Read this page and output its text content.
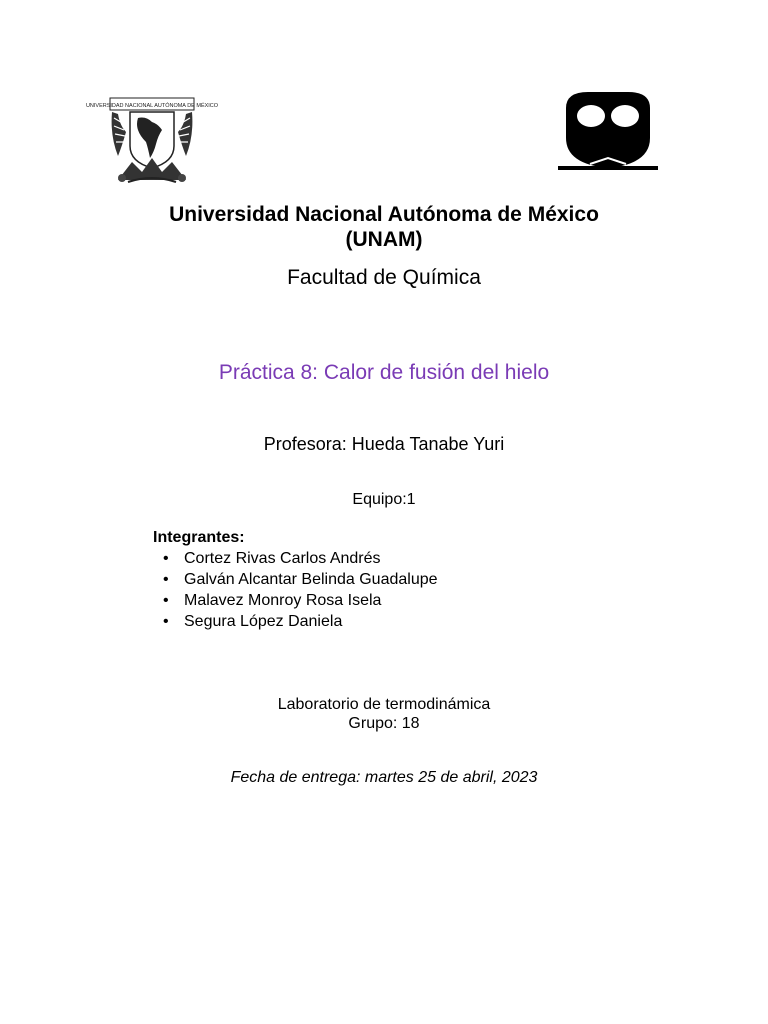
UNIVERSIDAD NACIONAL AUTÓNOMA DE MÉXICO
Universidad Nacional Autónoma de México
(UNAM)
Facultad de Química
Práctica 8: Calor de fusión del hielo
Profesora: Hueda Tanabe Yuri
Equipo:1
Integrantes:
• Cortez Rivas Carlos Andrés
• Galván Alcantar Belinda Guadalupe
• Malavez Monroy Rosa Isela
• Segura López Daniela
Laboratorio de termodinámica
Grupo: 18
Fecha de entrega: martes 25 de abril, 2023
